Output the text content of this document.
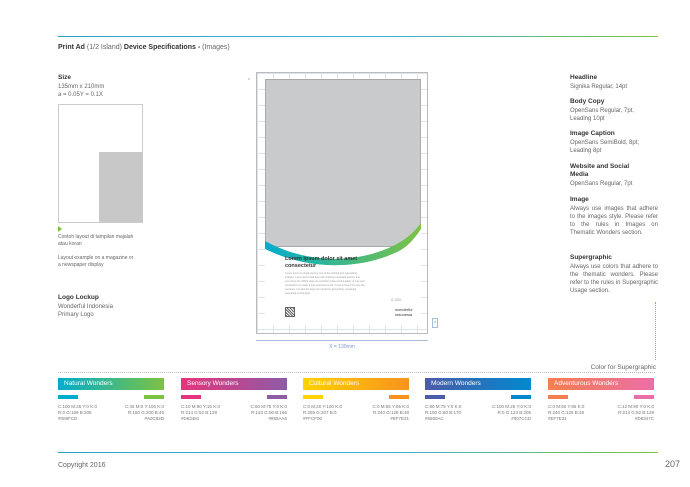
Print Ad (1/2 Island) Device Specifications - (Images)
Size
135mm x 210mm
a = 0.05Y = 0.1X
Contoh layout di tampilan majalah
atau koran
Layout example on a magazine or
a newspaper display
Logo Lockup
Wonderful Indonesia
Primary Logo
x
Lorem ipsum dolor sit amet consectetur
Lorem ipsum is simply dummy text of the printing and typesetting industry. Lorem ipsum has been the industry's standard dummy text ever since the 1500s when an unknown printer took a galley of type and scrambled it to make a type specimen book. It has survived not only five centuries, but also the leap into electronic typesetting, remaining essentially unchanged.
0.25X
wonderful
indonesia
a
X = 130mm
Headline
Signika Regular, 14pt
Body Copy
OpenSans Regular, 7pt,
Leading 10pt
Image Caption
OpenSans SemiBold, 8pt;
Leading 8pt
Website and Social
Media
OpenSans Regular, 7pt
Image
Always use images that adhere to the images style. Please refer to the rules in Images on Thematic Wonders section.
Supergraphic
Always use colors that adhere to the thematic wonders. Please refer to the rules in Supergraphic Usage section.
Color for Supergraphic
Natural Wonders
C:100 M:25 Y:0 K:0
R:0 G:159 B:205
#009FCD
C:45 M:0 Y:100 K:0
R:160 G:200 B:45
#A0C82D
Sensory Wonders
C:10 M:90 Y:15 K:0
R:214 G:52 B:129
#D63481
C:60 M:75 Y:0 K:0
R:133 G:90 B:166
#855AA6
Cultural Wonders
C:0 M:20 Y:100 K:0
R:255 G:207 B:0
#FFCF00
C:0 M:55 Y:85 K:0
R:240 G:128 B:48
#EF7E31
Modern Wonders
C:80 M:75 Y:0 K:0
R:100 G:80 B:170
#6550AC
C:100 M:25 Y:0 K:0
R:0 G:124 B:205
#007CCD
Adventurous Wonders
C:0 M:60 Y:85 K:0
R:240 G:126 B:49
#EF7E31
C:12 M:90 Y:0 K:0
R:214 G:52 B:129
#D6347C
Copyright 2016	207
